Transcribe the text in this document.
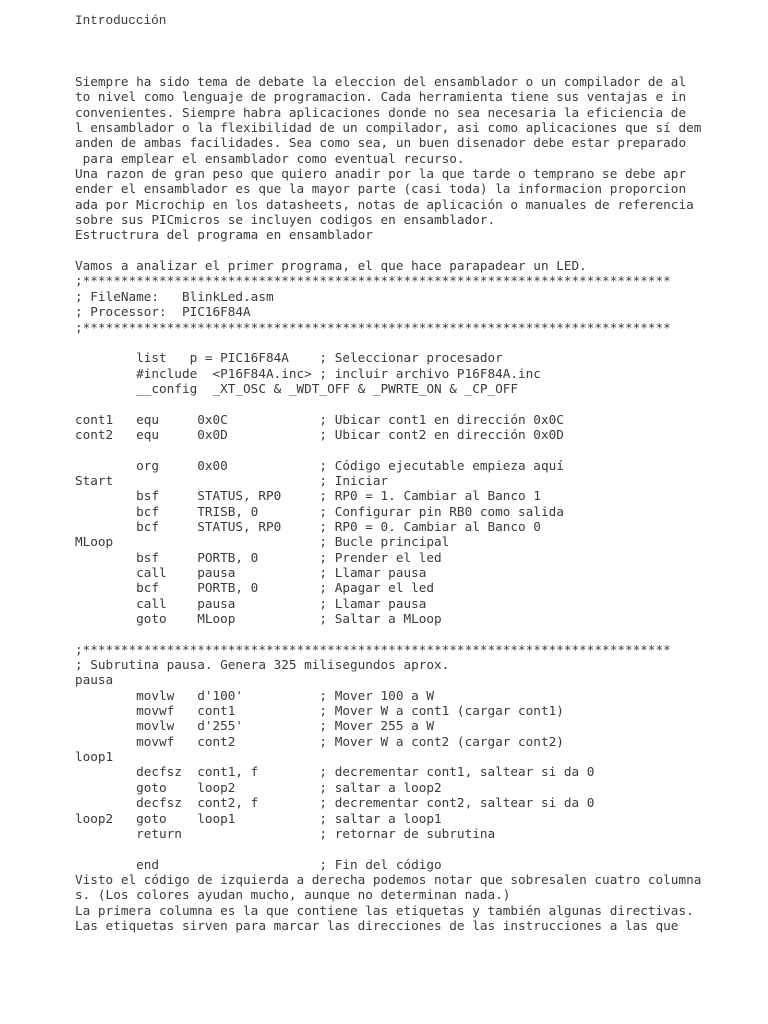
Introducción
Siempre ha sido tema de debate la eleccion del ensamblador o un compilador de al
to nivel como lenguaje de programacion. Cada herramienta tiene sus ventajas e in
convenientes. Siempre habra aplicaciones donde no sea necesaria la eficiencia de
l ensamblador o la flexibilidad de un compilador, asi como aplicaciones que sí dem
anden de ambas facilidades. Sea como sea, un buen disenador debe estar preparado
para emplear el ensamblador como eventual recurso.
Una razon de gran peso que quiero anadir por la que tarde o temprano se debe apr
ender el ensamblador es que la mayor parte (casi toda) la informacion proporcion
ada por Microchip en los datasheets, notas de aplicación o manuales de referencia
sobre sus PICmicros se incluyen codigos en ensamblador.
Estructrura del programa en ensamblador

Vamos a analizar el primer programa, el que hace parapadear un LED.
;*****************************************************************************
; FileName:   BlinkLed.asm
; Processor:  PIC16F84A
;*****************************************************************************

list   p = PIC16F84A    ; Seleccionar procesador
#include  <P16F84A.inc> ; incluir archivo P16F84A.inc
__config  _XT_OSC & _WDT_OFF & _PWRTE_ON & _CP_OFF

cont1   equ     0x0C            ; Ubicar cont1 en dirección 0x0C
cont2   equ     0x0D            ; Ubicar cont2 en dirección 0x0D

org     0x00            ; Código ejecutable empieza aquí
Start                           ; Iniciar
bsf     STATUS, RP0     ; RP0 = 1. Cambiar al Banco 1
bcf     TRISB, 0        ; Configurar pin RB0 como salida
bcf     STATUS, RP0     ; RP0 = 0. Cambiar al Banco 0
MLoop                           ; Bucle principal
bsf     PORTB, 0        ; Prender el led
call    pausa           ; Llamar pausa
bcf     PORTB, 0        ; Apagar el led
call    pausa           ; Llamar pausa
goto    MLoop           ; Saltar a MLoop

;*****************************************************************************
; Subrutina pausa. Genera 325 milisegundos aprox.
pausa
movlw   d'100'          ; Mover 100 a W
movwf   cont1           ; Mover W a cont1 (cargar cont1)
movlw   d'255'          ; Mover 255 a W
movwf   cont2           ; Mover W a cont2 (cargar cont2)
loop1
decfsz  cont1, f        ; decrementar cont1, saltear si da 0
goto    loop2           ; saltar a loop2
decfsz  cont2, f        ; decrementar cont2, saltear si da 0
loop2   goto    loop1           ; saltar a loop1
return                  ; retornar de subrutina

end                     ; Fin del código
Visto el código de izquierda a derecha podemos notar que sobresalen cuatro columna
s. (Los colores ayudan mucho, aunque no determinan nada.)
La primera columna es la que contiene las etiquetas y también algunas directivas.
Las etiquetas sirven para marcar las direcciones de las instrucciones a las que
